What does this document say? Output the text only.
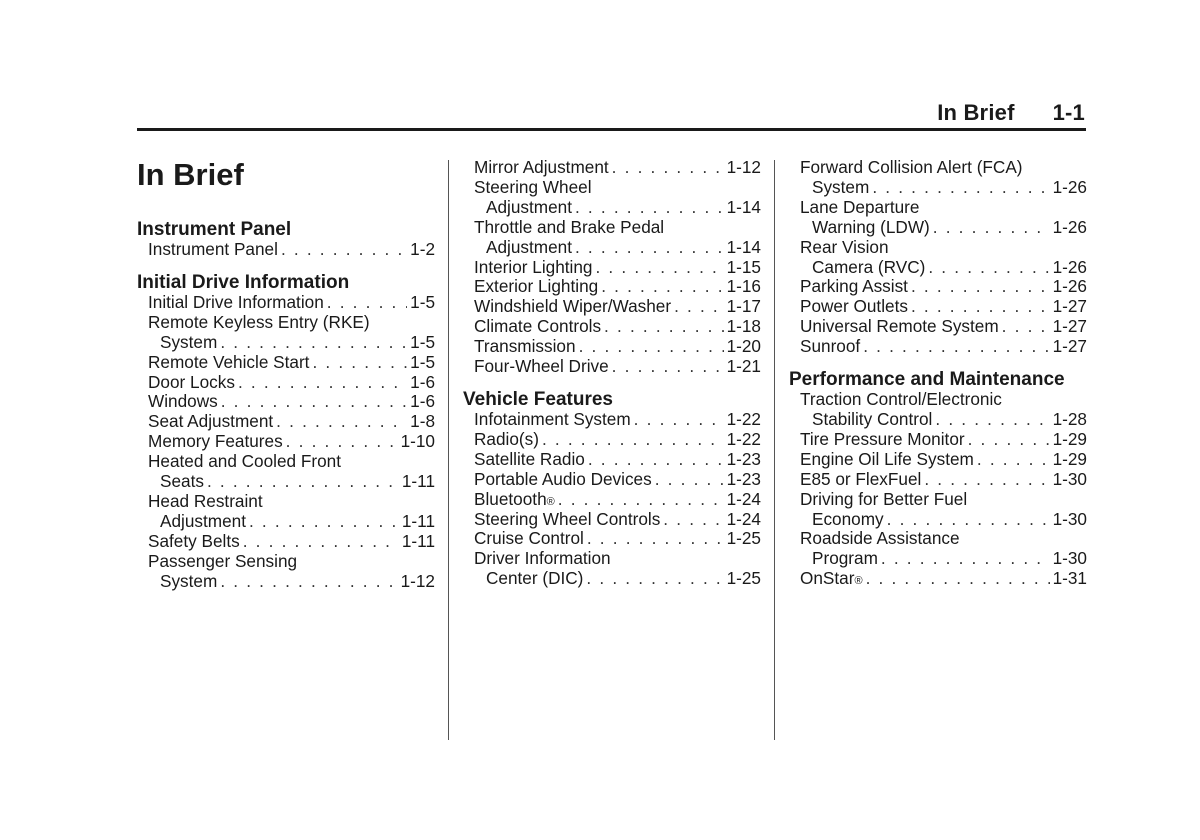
In Brief 1-1
In Brief
Instrument Panel
Instrument Panel . . .	1-2
Initial Drive Information
Initial Drive Information . . .	1-5
Remote Keyless Entry (RKE)
System . . .	1-5
Remote Vehicle Start . . .	1-5
Door Locks . . .	1-6
Windows . . .	1-6
Seat Adjustment . . .	1-8
Memory Features . . .	1-10
Heated and Cooled Front
Seats . . .	1-11
Head Restraint
Adjustment . . .	1-11
Safety Belts . . .	1-11
Passenger Sensing
System . . .	1-12
Mirror Adjustment . . .	1-12
Steering Wheel
Adjustment . . .	1-14
Throttle and Brake Pedal
Adjustment . . .	1-14
Interior Lighting . . .	1-15
Exterior Lighting . . .	1-16
Windshield Wiper/Washer . . .	1-17
Climate Controls . . .	1-18
Transmission . . .	1-20
Four-Wheel Drive . . .	1-21
Vehicle Features
Infotainment System . . .	1-22
Radio(s) . . .	1-22
Satellite Radio . . .	1-23
Portable Audio Devices . . .	1-23
Bluetooth ® . . .	1-24
Steering Wheel Controls . . .	1-24
Cruise Control . . .	1-25
Driver Information
Center (DIC) . . .	1-25
Forward Collision Alert (FCA)
System . . .	1-26
Lane Departure
Warning (LDW) . . .	1-26
Rear Vision
Camera (RVC) . . .	1-26
Parking Assist . . .	1-26
Power Outlets . . .	1-27
Universal Remote System . . .	1-27
Sunroof . . .	1-27
Performance and Maintenance
Traction Control/Electronic
Stability Control . . .	1-28
Tire Pressure Monitor . . .	1-29
Engine Oil Life System . . .	1-29
E85 or FlexFuel . . .	1-30
Driving for Better Fuel
Economy . . .	1-30
Roadside Assistance
Program . . .	1-30
OnStar ® . . .	1-31
